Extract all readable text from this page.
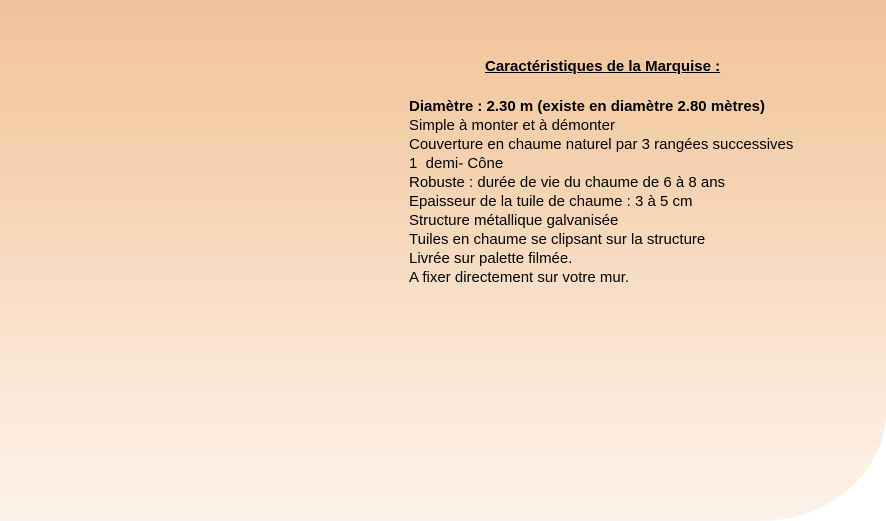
Caractéristiques de la Marquise :
Diamètre : 2.30 m (existe en diamètre 2.80 mètres)
Simple à monter et à démonter
Couverture en chaume naturel par 3 rangées successives
1  demi- Cône
Robuste : durée de vie du chaume de 6 à 8 ans
Epaisseur de la tuile de chaume : 3 à 5 cm
Structure métallique galvanisée
Tuiles en chaume se clipsant sur la structure
Livrée sur palette filmée.
A fixer directement sur votre mur.
